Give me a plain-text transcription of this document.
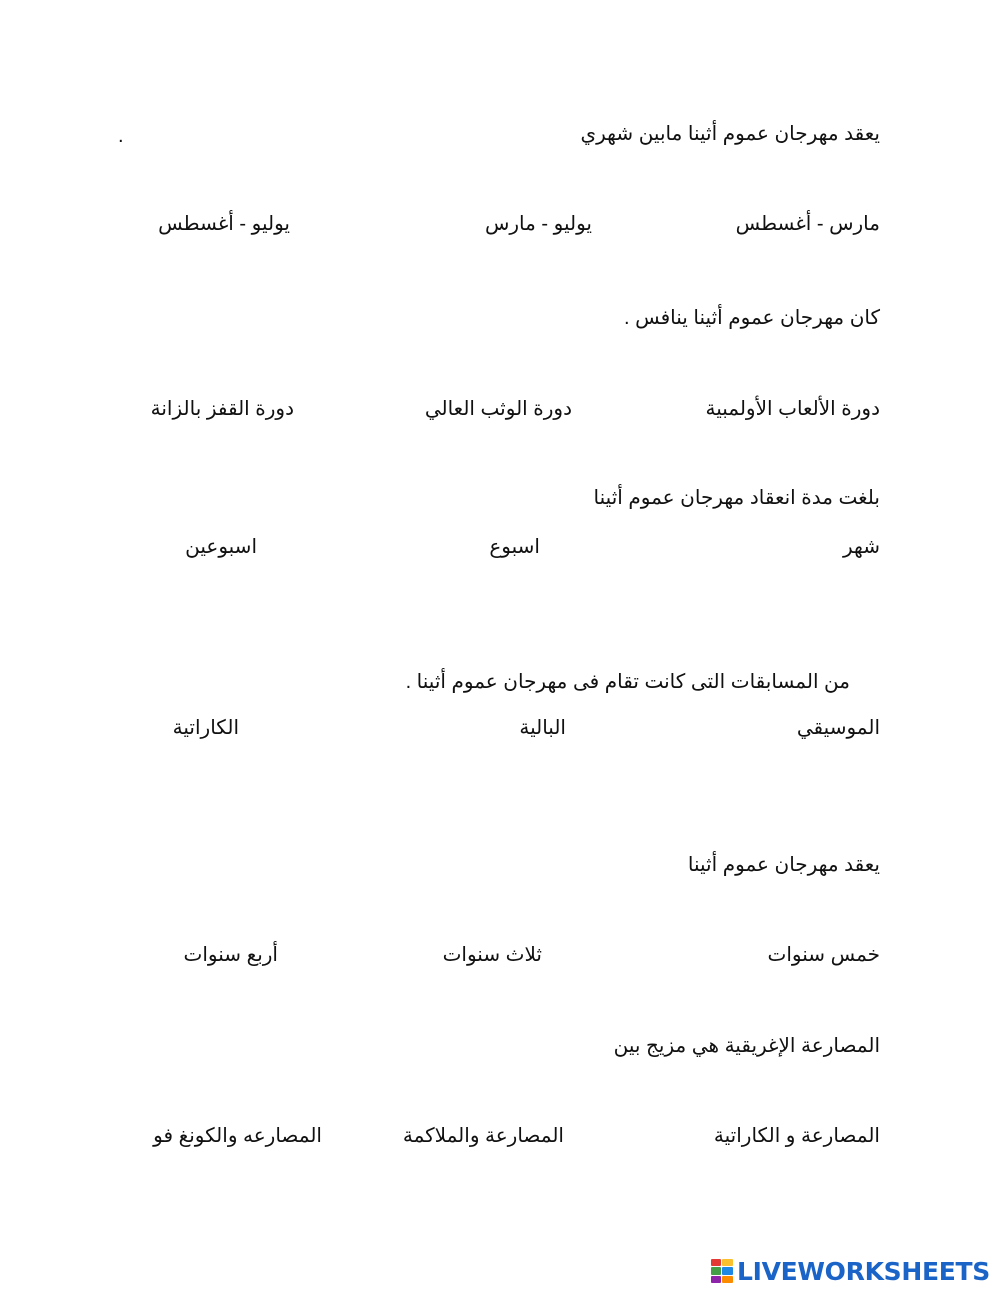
يعقد مهرجان عموم أثينا مابين شهري
.
مارس - أغسطس
يوليو - مارس
يوليو - أغسطس
كان مهرجان عموم أثينا ينافس .
دورة الألعاب الأولمبية
دورة الوثب العالي
دورة القفز بالزانة
بلغت مدة انعقاد مهرجان عموم أثينا
شهر
اسبوع
اسبوعين
من المسابقات التى كانت تقام فى مهرجان عموم أثينا .
الموسيقي
البالية
الكاراتية
يعقد مهرجان عموم أثينا
خمس سنوات
ثلاث سنوات
أربع سنوات
المصارعة الإغريقية هي مزيج بين
المصارعة و الكاراتية
المصارعة والملاكمة
المصارعه والكونغ فو
LIVEWORKSHEETS
